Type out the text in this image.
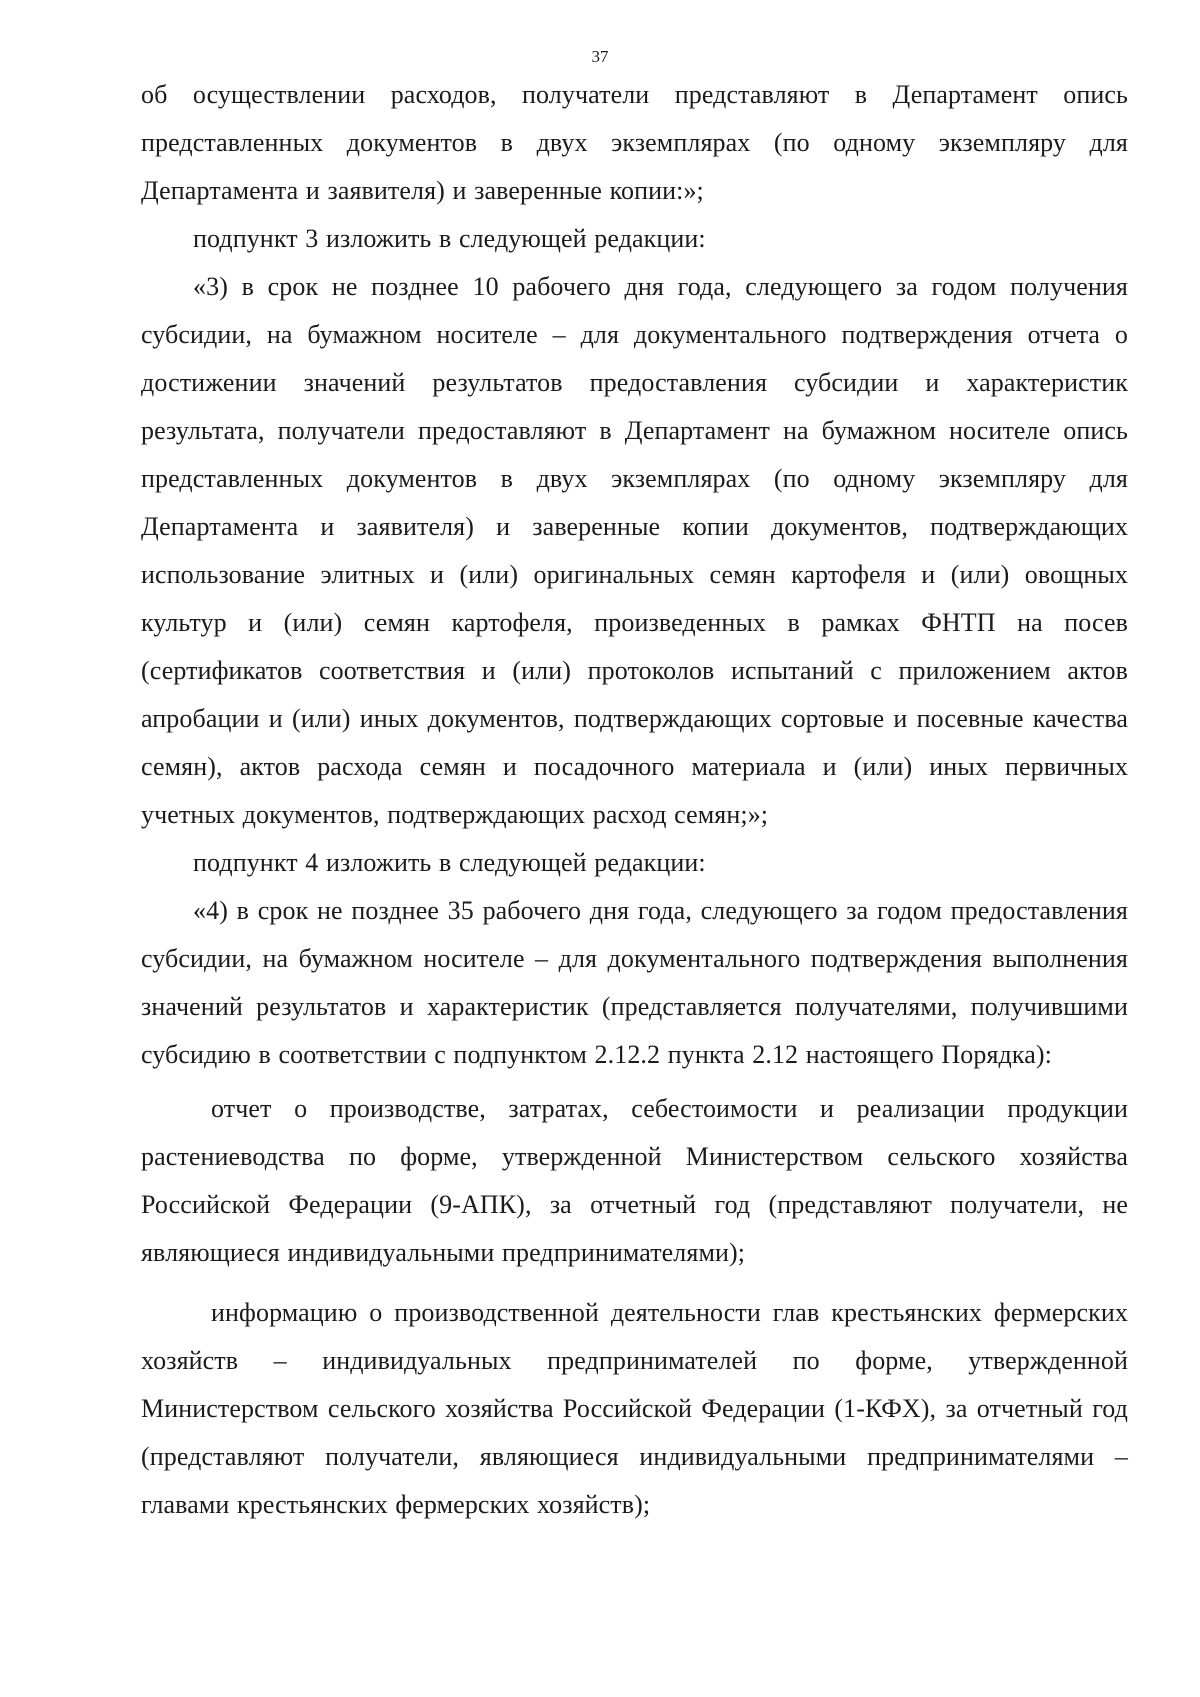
37

об осуществлении расходов, получатели представляют в Департамент опись представленных документов в двух экземплярах (по одному экземпляру для Департамента и заявителя) и заверенные копии:»;

подпункт 3 изложить в следующей редакции:

«3) в срок не позднее 10 рабочего дня года, следующего за годом получения субсидии, на бумажном носителе – для документального подтверждения отчета о достижении значений результатов предоставления субсидии и характеристик результата, получатели предоставляют в Департамент на бумажном носителе опись представленных документов в двух экземплярах (по одному экземпляру для Департамента и заявителя) и заверенные копии документов, подтверждающих использование элитных и (или) оригинальных семян картофеля и (или) овощных культур и (или) семян картофеля, произведенных в рамках ФНТП на посев (сертификатов соответствия и (или) протоколов испытаний с приложением актов апробации и (или) иных документов, подтверждающих сортовые и посевные качества семян), актов расхода семян и посадочного материала и (или) иных первичных учетных документов, подтверждающих расход семян;»;

подпункт 4 изложить в следующей редакции:

«4) в срок не позднее 35 рабочего дня года, следующего за годом предоставления субсидии, на бумажном носителе – для документального подтверждения выполнения значений результатов и характеристик (представляется получателями, получившими субсидию в соответствии с подпунктом 2.12.2 пункта 2.12 настоящего Порядка):

отчет о производстве, затратах, себестоимости и реализации продукции растениеводства по форме, утвержденной Министерством сельского хозяйства Российской Федерации (9-АПК), за отчетный год (представляют получатели, не являющиеся индивидуальными предпринимателями);

информацию о производственной деятельности глав крестьянских фермерских хозяйств – индивидуальных предпринимателей по форме, утвержденной Министерством сельского хозяйства Российской Федерации (1-КФХ), за отчетный год (представляют получатели, являющиеся индивидуальными предпринимателями – главами крестьянских фермерских хозяйств);
